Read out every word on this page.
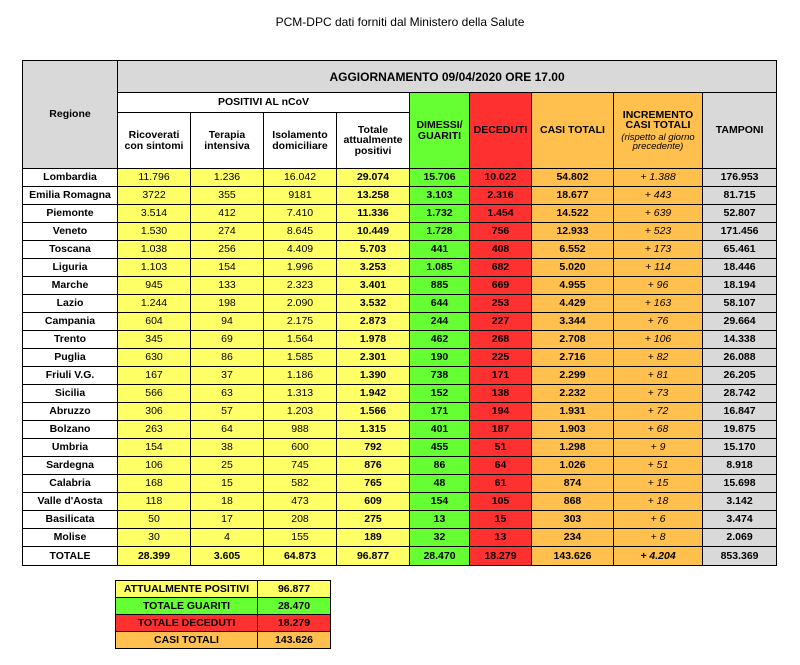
PCM-DPC dati forniti dal Ministero della Salute
Regione	AGGIORNAMENTO 09/04/2020 ORE 17.00								
	POSITIVI AL nCoV				DIMESSI/ GUARITI	DECEDUTI	CASI TOTALI	INCREMENTO CASI TOTALI
(rispetto al giorno precedente)	TAMPONI
	Ricoverati con sintomi	Terapia intensiva	Isolamento domiciliare	Totale attualmente positivi					
Lombardia	11.796	1.236	16.042	29.074	15.706	10.022	54.802	+ 1.388	176.953
Emilia Romagna	3722	355	9181	13.258	3.103	2.316	18.677	+ 443	81.715
Piemonte	3.514	412	7.410	11.336	1.732	1.454	14.522	+ 639	52.807
Veneto	1.530	274	8.645	10.449	1.728	756	12.933	+ 523	171.456
Toscana	1.038	256	4.409	5.703	441	408	6.552	+ 173	65.461
Liguria	1.103	154	1.996	3.253	1.085	682	5.020	+ 114	18.446
Marche	945	133	2.323	3.401	885	669	4.955	+ 96	18.194
Lazio	1.244	198	2.090	3.532	644	253	4.429	+ 163	58.107
Campania	604	94	2.175	2.873	244	227	3.344	+ 76	29.664
Trento	345	69	1.564	1.978	462	268	2.708	+ 106	14.338
Puglia	630	86	1.585	2.301	190	225	2.716	+ 82	26.088
Friuli V.G.	167	37	1.186	1.390	738	171	2.299	+ 81	26.205
Sicilia	566	63	1.313	1.942	152	138	2.232	+ 73	28.742
Abruzzo	306	57	1.203	1.566	171	194	1.931	+ 72	16.847
Bolzano	263	64	988	1.315	401	187	1.903	+ 68	19.875
Umbria	154	38	600	792	455	51	1.298	+ 9	15.170
Sardegna	106	25	745	876	86	64	1.026	+ 51	8.918
Calabria	168	15	582	765	48	61	874	+ 15	15.698
Valle d'Aosta	118	18	473	609	154	105	868	+ 18	3.142
Basilicata	50	17	208	275	13	15	303	+ 6	3.474
Molise	30	4	155	189	32	13	234	+ 8	2.069
TOTALE	28.399	3.605	64.873	96.877	28.470	18.279	143.626	+ 4.204	853.369
ATTUALMENTE POSITIVI	96.877
TOTALE GUARITI	28.470
TOTALE DECEDUTI	18.279
CASI TOTALI	143.626
